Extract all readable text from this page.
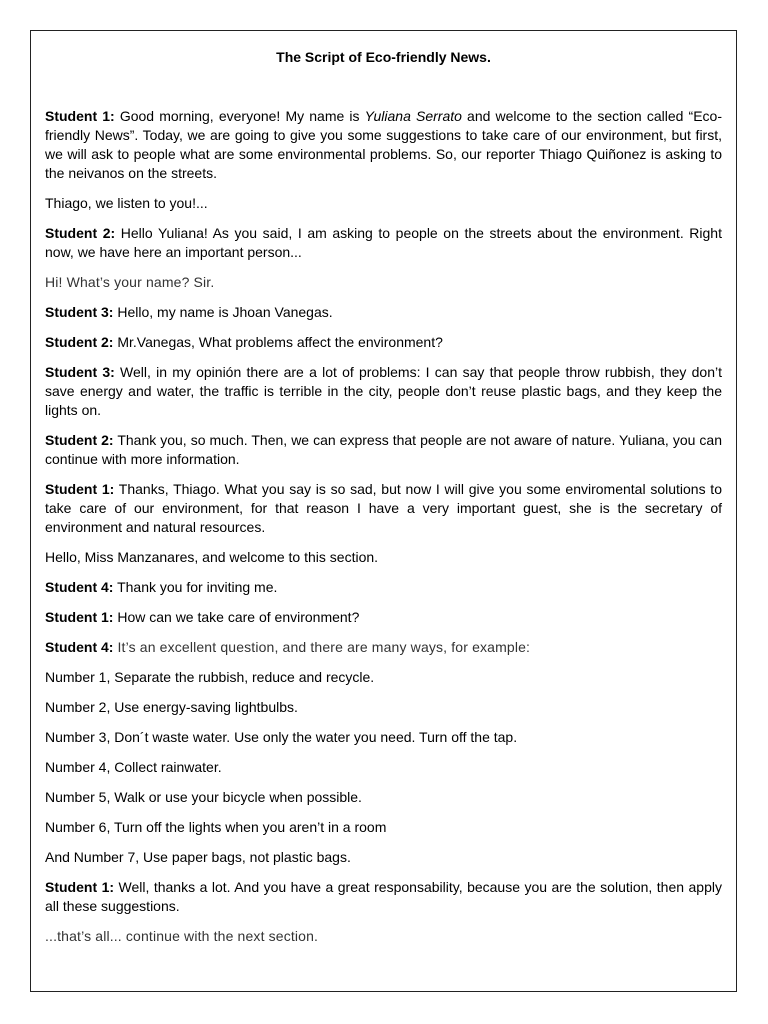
The Script of Eco-friendly News.

Student 1: Good morning, everyone! My name is Yuliana Serrato and welcome to the section called “Eco- friendly News”. Today, we are going to give you some suggestions to take care of our environment, but first, we will ask to people what are some environmental problems. So, our reporter Thiago Quiñonez is asking to the neivanos on the streets.

Thiago, we listen to you!...

Student 2: Hello Yuliana! As you said, I am asking to people on the streets about the environment. Right now, we have here an important person...

Hi! What’s your name? Sir.

Student 3: Hello, my name is Jhoan Vanegas.

Student 2: Mr.Vanegas, What problems affect the environment?

Student 3: Well, in my opinión there are a lot of problems: I can say that people throw rubbish, they don’t save energy and water, the traffic is terrible in the city, people don’t reuse plastic bags, and they keep the lights on.

Student 2: Thank you, so much. Then, we can express that people are not aware of nature. Yuliana, you can continue with more information.

Student 1: Thanks, Thiago. What you say is so sad, but now I will give you some enviromental solutions to take care of our environment, for that reason I have a very important guest, she is the secretary of environment and natural resources.

Hello, Miss Manzanares, and welcome to this section.

Student 4: Thank you for inviting me.

Student 1: How can we take care of environment?

Student 4: It’s an excellent question, and there are many ways, for example:

Number 1, Separate the rubbish, reduce and recycle.

Number 2, Use energy-saving lightbulbs.

Number 3, Don´t waste water. Use only the water you need. Turn off the tap.

Number 4, Collect rainwater.

Number 5, Walk or use your bicycle when possible.

Number 6, Turn off the lights when you aren’t in a room

And Number 7, Use paper bags, not plastic bags.

Student 1: Well, thanks a lot. And you have a great responsability, because you are the solution, then apply all these suggestions.

...that’s all... continue with the next section.
